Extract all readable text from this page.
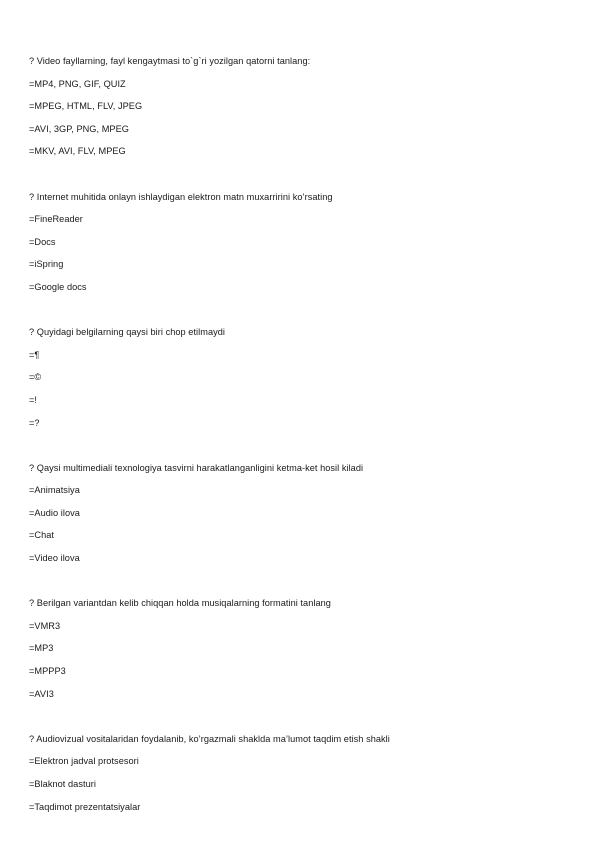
? Video fayllarning, fayl kengaytmasi to`g`ri yozilgan qatorni tanlang:
=MP4, PNG, GIF, QUIZ
=MPEG, HTML, FLV, JPEG
=AVI, 3GP, PNG, MPEG
=MKV, AVI, FLV, MPEG
? Internet muhitida onlayn ishlaydigan elektron matn muxarririni ko’rsating
=FineReader
=Docs
=iSpring
=Google docs
? Quyidagi belgilarning qaysi biri chop etilmaydi
=¶
=©
=!
=?
? Qaysi multimediali texnologiya tasvirni harakatlanganligini ketma-ket hosil kiladi
=Animatsiya
=Audio ilova
=Chat
=Video ilova
? Berilgan variantdan kelib chiqqan holda musiqalarning formatini tanlang
=VMR3
=MP3
=MPPP3
=AVI3
? Audiovizual vositalaridan foydalanib, ko’rgazmali shaklda ma’lumot taqdim etish shakli
=Elektron jadval protsesori
=Blaknot dasturi
=Taqdimot prezentatsiyalar
